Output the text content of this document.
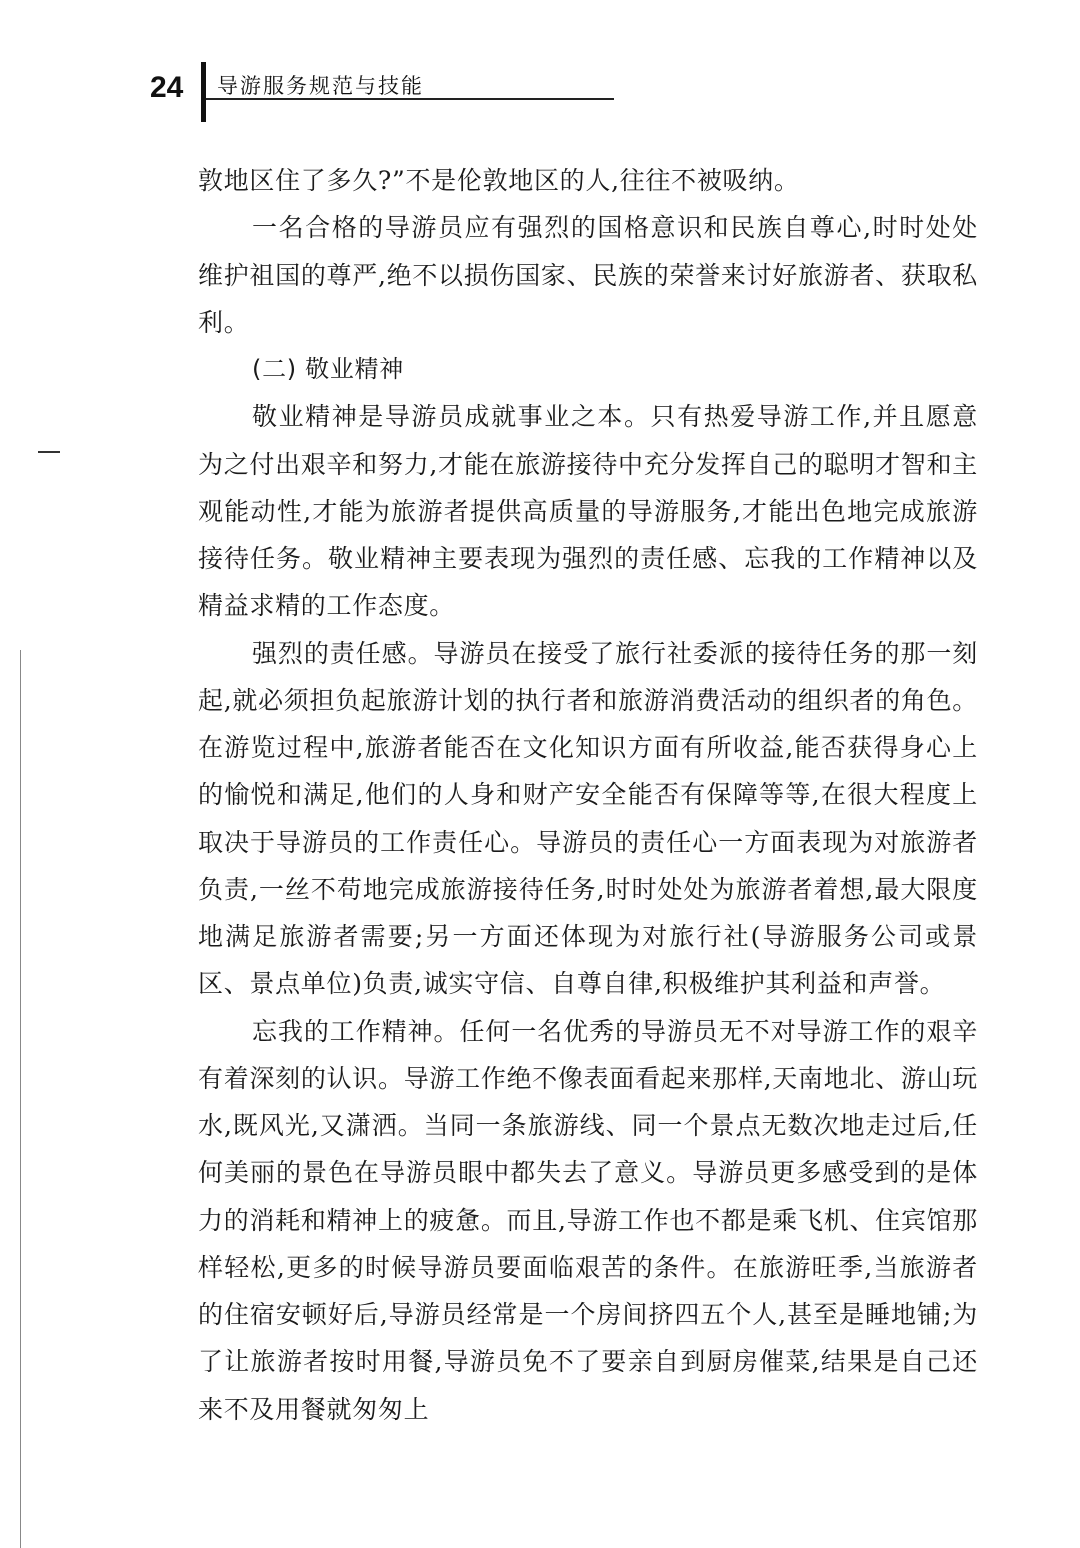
24 导游服务规范与技能

敦地区住了多久?”不是伦敦地区的人,往往不被吸纳。

一名合格的导游员应有强烈的国格意识和民族自尊心,时时处处维护祖国的尊严,绝不以损伤国家、民族的荣誉来讨好旅游者、获取私利。

(二) 敬业精神

敬业精神是导游员成就事业之本。只有热爱导游工作,并且愿意为之付出艰辛和努力,才能在旅游接待中充分发挥自己的聪明才智和主观能动性,才能为旅游者提供高质量的导游服务,才能出色地完成旅游接待任务。敬业精神主要表现为强烈的责任感、忘我的工作精神以及精益求精的工作态度。

强烈的责任感。导游员在接受了旅行社委派的接待任务的那一刻起,就必须担负起旅游计划的执行者和旅游消费活动的组织者的角色。在游览过程中,旅游者能否在文化知识方面有所收益,能否获得身心上的愉悦和满足,他们的人身和财产安全能否有保障等等,在很大程度上取决于导游员的工作责任心。导游员的责任心一方面表现为对旅游者负责,一丝不苟地完成旅游接待任务,时时处处为旅游者着想,最大限度地满足旅游者需要;另一方面还体现为对旅行社(导游服务公司或景区、景点单位)负责,诚实守信、自尊自律,积极维护其利益和声誉。

忘我的工作精神。任何一名优秀的导游员无不对导游工作的艰辛有着深刻的认识。导游工作绝不像表面看起来那样,天南地北、游山玩水,既风光,又潇洒。当同一条旅游线、同一个景点无数次地走过后,任何美丽的景色在导游员眼中都失去了意义。导游员更多感受到的是体力的消耗和精神上的疲惫。而且,导游工作也不都是乘飞机、住宾馆那样轻松,更多的时候导游员要面临艰苦的条件。在旅游旺季,当旅游者的住宿安顿好后,导游员经常是一个房间挤四五个人,甚至是睡地铺;为了让旅游者按时用餐,导游员免不了要亲自到厨房催菜,结果是自己还来不及用餐就匆匆上
